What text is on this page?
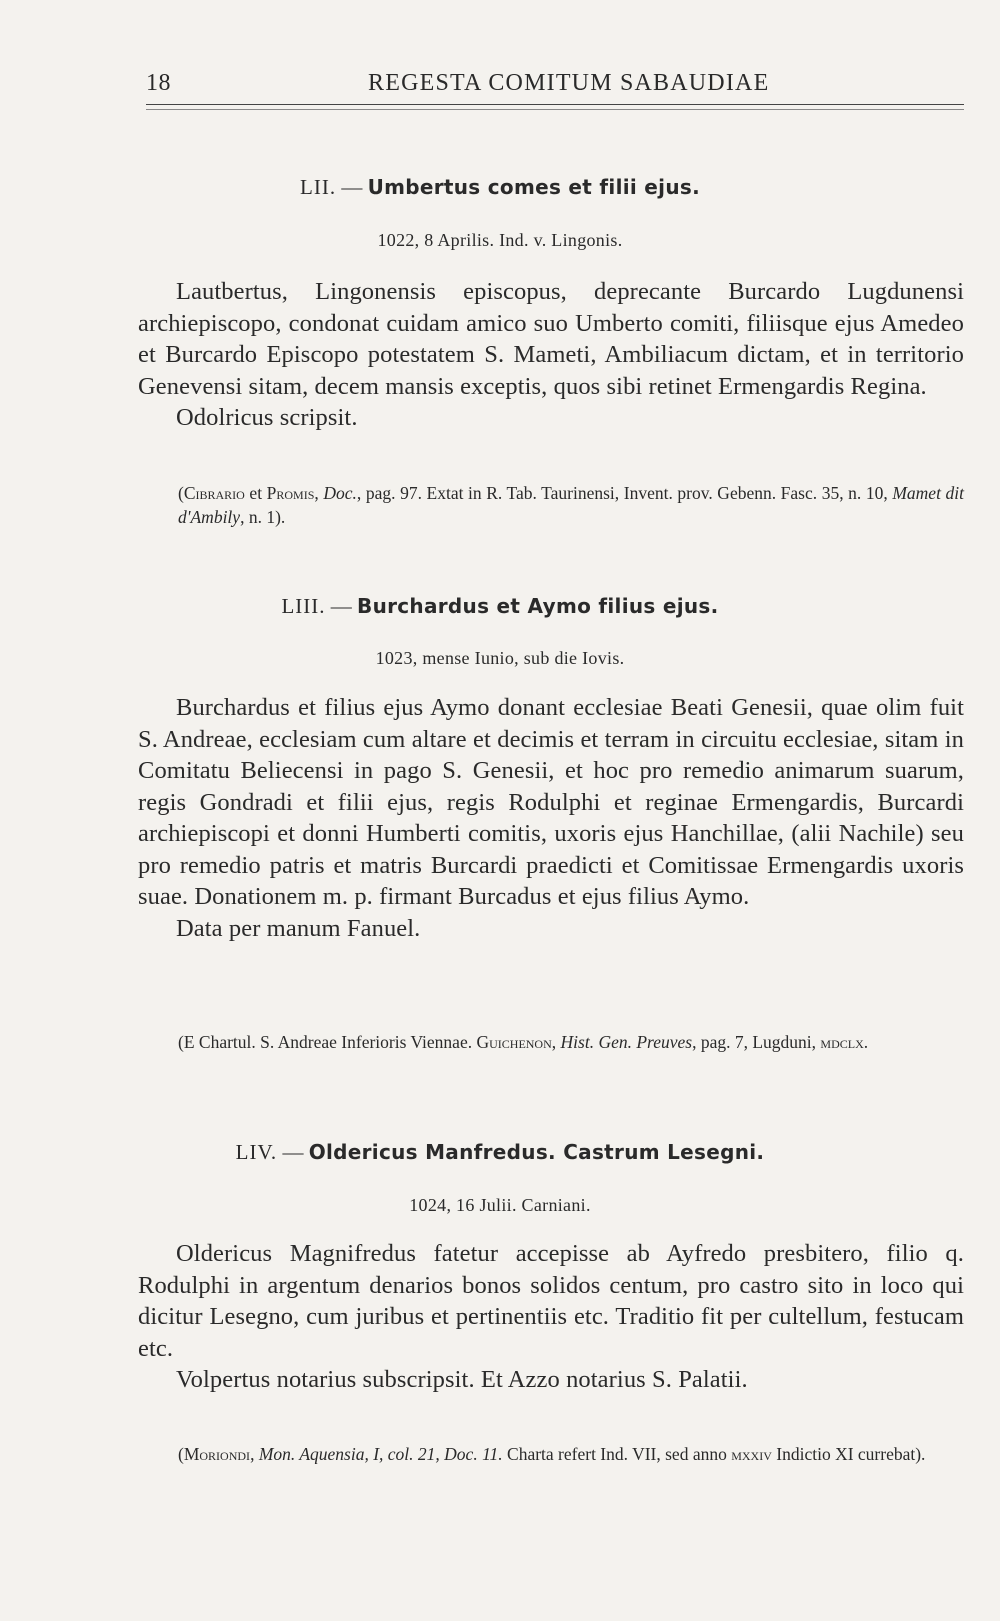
18	REGESTA COMITUM SABAUDIAE
LII. — Umbertus comes et filii ejus.
1022, 8 Aprilis. Ind. v. Lingonis.

Lautbertus, Lingonensis episcopus, deprecante Burcardo Lugdunensi archiepiscopo, condonat cuidam amico suo Umberto comiti, filiisque ejus Amedeo et Burcardo Episcopo potestatem S. Mameti, Ambiliacum dictam, et in territorio Genevensi sitam, decem mansis exceptis, quos sibi retinet Ermengardis Regina.

Odolricus scripsit.

(Cibrario et Promis, Doc., pag. 97. Extat in R. Tab. Taurinensi, Invent. prov. Gebenn. Fasc. 35, n. 10, Mamet dit d'Ambily, n. 1).
LIII. — Burchardus et Aymo filius ejus.
1023, mense Iunio, sub die Iovis.

Burchardus et filius ejus Aymo donant ecclesiae Beati Genesii, quae olim fuit S. Andreae, ecclesiam cum altare et decimis et terram in circuitu ecclesiae, sitam in Comitatu Beliecensi in pago S. Genesii, et hoc pro remedio animarum suarum, regis Gondradi et filii ejus, regis Rodulphi et reginae Ermengardis, Burcardi archiepiscopi et donni Humberti comitis, uxoris ejus Hanchillae, (alii Nachile) seu pro remedio patris et matris Burcardi praedicti et Comitissae Ermengardis uxoris suae. Donationem m. p. firmant Burcadus et ejus filius Aymo.

Data per manum Fanuel.

(E Chartul. S. Andreae Inferioris Viennae. Guichenon, Hist. Gen. Preuves, pag. 7, Lugduni, mdclx.
LIV. — Oldericus Manfredus. Castrum Lesegni.
1024, 16 Julii. Carniani.

Oldericus Magnifredus fatetur accepisse ab Ayfredo presbitero, filio q. Rodulphi in argentum denarios bonos solidos centum, pro castro sito in loco qui dicitur Lesegno, cum juribus et pertinentiis etc. Traditio fit per cultellum, festucam etc.

Volpertus notarius subscripsit. Et Azzo notarius S. Palatii.

(Moriondi, Mon. Aquensia, I, col. 21, Doc. 11. Charta refert Ind. VII, sed anno mxxiv Indictio XI currebat).
